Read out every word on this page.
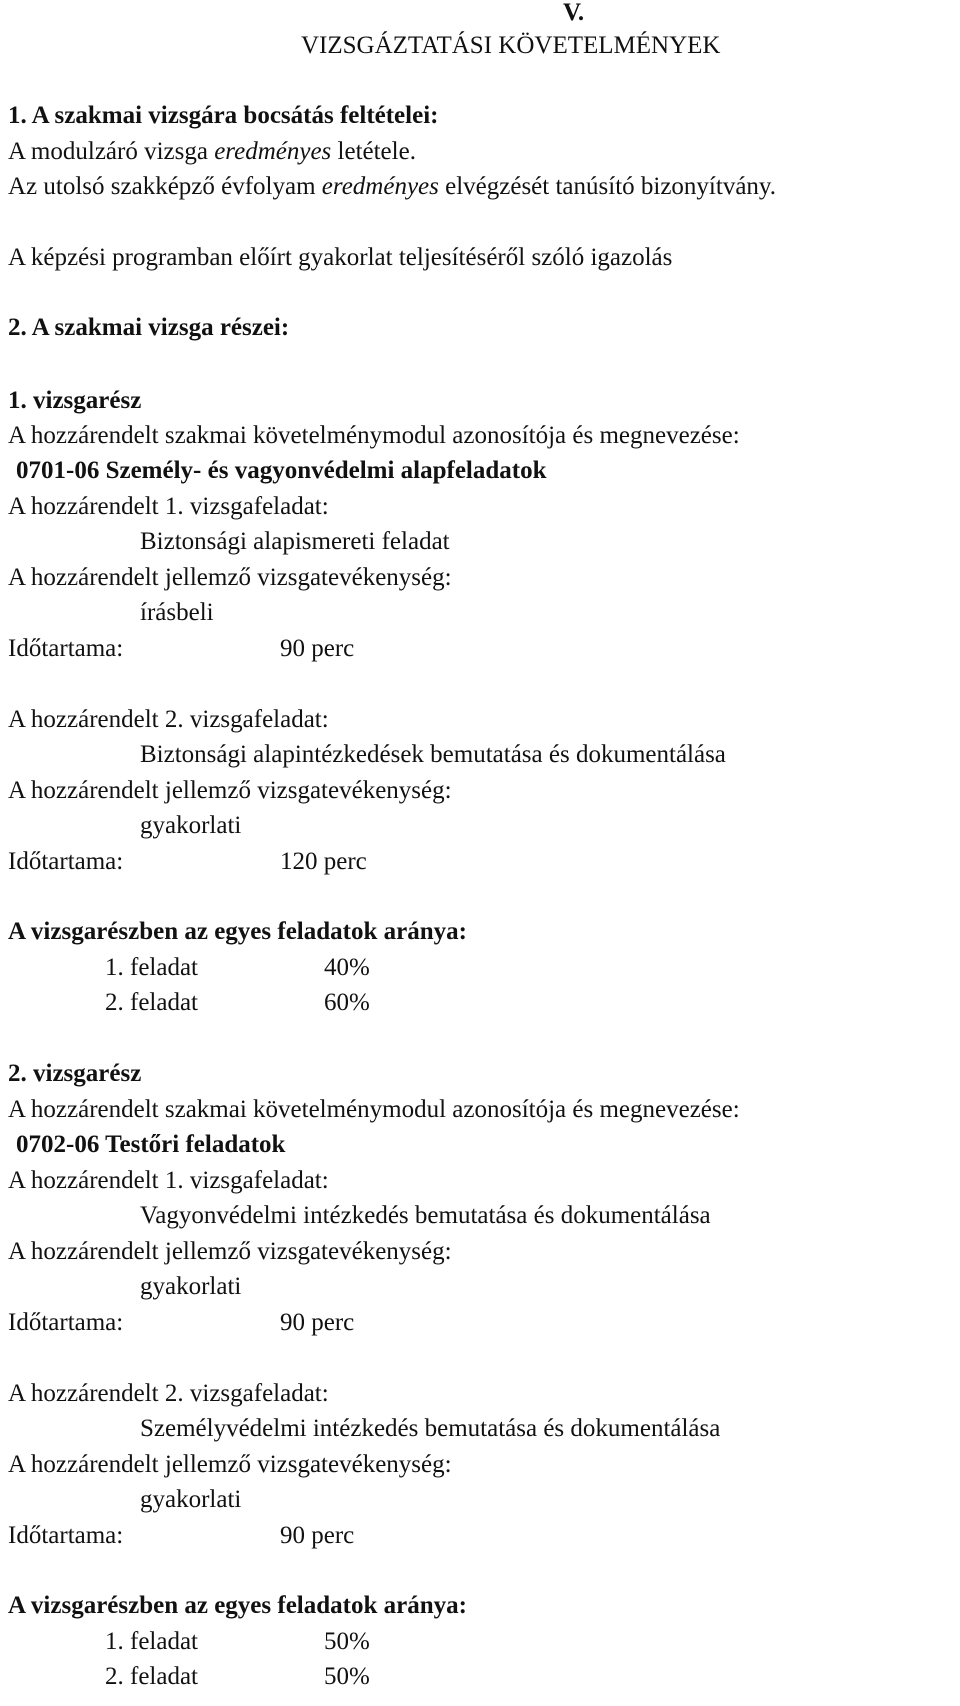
V.
VIZSGÁZTATÁSI KÖVETELMÉNYEK
1. A szakmai vizsgára bocsátás feltételei:
A modulzáró vizsga eredményes letétele.
Az utolsó szakképző évfolyam eredményes elvégzését tanúsító bizonyítvány.
A képzési programban előírt gyakorlat teljesítéséről szóló igazolás
2. A szakmai vizsga részei:
1. vizsgarész
A hozzárendelt szakmai követelménymodul azonosítója és megnevezése:
0701-06 Személy- és vagyonvédelmi alapfeladatok
A hozzárendelt 1. vizsgafeladat:
Biztonsági alapismereti feladat
A hozzárendelt jellemző vizsgatevékenység:
írásbeli
Időtartama:	90 perc
A hozzárendelt 2. vizsgafeladat:
Biztonsági alapintézkedések bemutatása és dokumentálása
A hozzárendelt jellemző vizsgatevékenység:
gyakorlati
Időtartama:	120 perc
A vizsgarészben az egyes feladatok aránya:
1. feladat	40%
2. feladat	60%
2. vizsgarész
A hozzárendelt szakmai követelménymodul azonosítója és megnevezése:
0702-06 Testőri feladatok
A hozzárendelt 1. vizsgafeladat:
Vagyonvédelmi intézkedés bemutatása és dokumentálása
A hozzárendelt jellemző vizsgatevékenység:
gyakorlati
Időtartama:	90 perc
A hozzárendelt 2. vizsgafeladat:
Személyvédelmi intézkedés bemutatása és dokumentálása
A hozzárendelt jellemző vizsgatevékenység:
gyakorlati
Időtartama:	90 perc
A vizsgarészben az egyes feladatok aránya:
1. feladat	50%
2. feladat	50%
